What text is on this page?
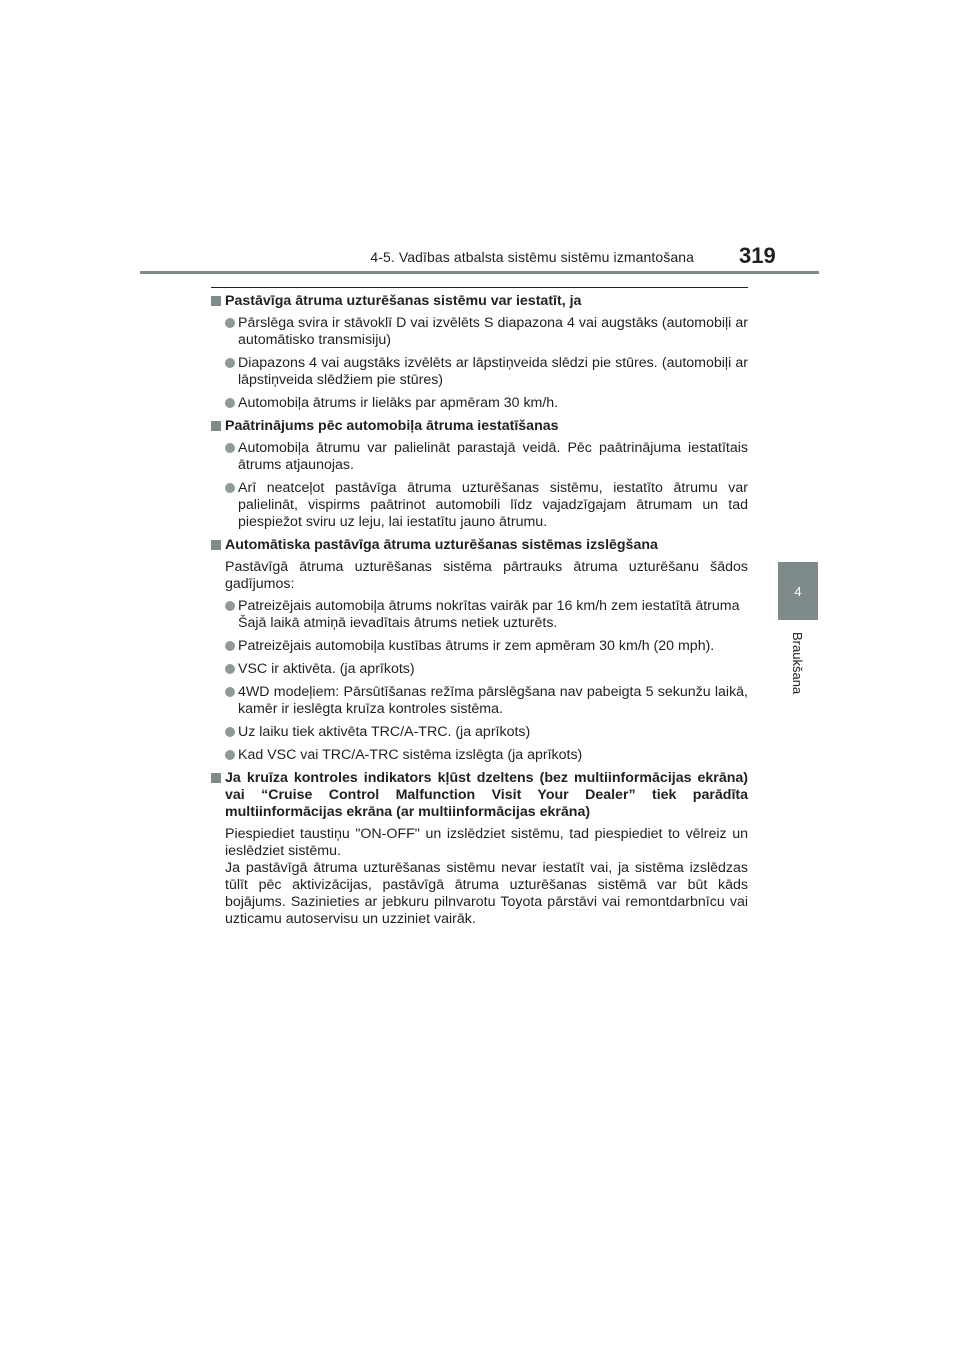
4-5. Vadības atbalsta sistēmu sistēmu izmantošana 319
4
Braukšana
Pastāvīga ātruma uzturēšanas sistēmu var iestatīt, ja
Pārslēga svira ir stāvoklī D vai izvēlēts S diapazona 4 vai augstāks (automobiļi ar automātisko transmisiju)
Diapazons 4 vai augstāks izvēlēts ar lāpstiņveida slēdzi pie stūres. (automobiļi ar lāpstiņveida slēdžiem pie stūres)
Automobiļa ātrums ir lielāks par apmēram 30 km/h.
Paātrinājums pēc automobiļa ātruma iestatīšanas
Automobiļa ātrumu var palielināt parastajā veidā. Pēc paātrinājuma iestatītais ātrums atjaunojas.
Arī neatceļot pastāvīga ātruma uzturēšanas sistēmu, iestatīto ātrumu var palielināt, vispirms paātrinot automobili līdz vajadzīgajam ātrumam un tad piespiežot sviru uz leju, lai iestatītu jauno ātrumu.
Automātiska pastāvīga ātruma uzturēšanas sistēmas izslēgšana
Pastāvīgā ātruma uzturēšanas sistēma pārtrauks ātruma uzturēšanu šādos gadījumos:
Patreizējais automobiļa ātrums nokrītas vairāk par 16 km/h zem iestatītā ātruma
Šajā laikā atmiņā ievadītais ātrums netiek uzturēts.
Patreizējais automobiļa kustības ātrums ir zem apmēram 30 km/h (20 mph).
VSC ir aktivēta. (ja aprīkots)
4WD modeļiem: Pārsūtīšanas režīma pārslēgšana nav pabeigta 5 sekunžu laikā, kamēr ir ieslēgta kruīza kontroles sistēma.
Uz laiku tiek aktivēta TRC/A-TRC. (ja aprīkots)
Kad VSC vai TRC/A-TRC sistēma izslēgta (ja aprīkots)
Ja kruīza kontroles indikators kļūst dzeltens (bez multiinformācijas ekrāna) vai “Cruise Control Malfunction Visit Your Dealer” tiek parādīta multiinformācijas ekrāna (ar multiinformācijas ekrāna)
Piespiediet taustiņu "ON-OFF" un izslēdziet sistēmu, tad piespiediet to vēlreiz un ieslēdziet sistēmu.
Ja pastāvīgā ātruma uzturēšanas sistēmu nevar iestatīt vai, ja sistēma izslēdzas tūlīt pēc aktivizācijas, pastāvīgā ātruma uzturēšanas sistēmā var būt kāds bojājums. Sazinieties ar jebkuru pilnvarotu Toyota pārstāvi vai remontdarbnīcu vai uzticamu autoservisu un uzziniet vairāk.
